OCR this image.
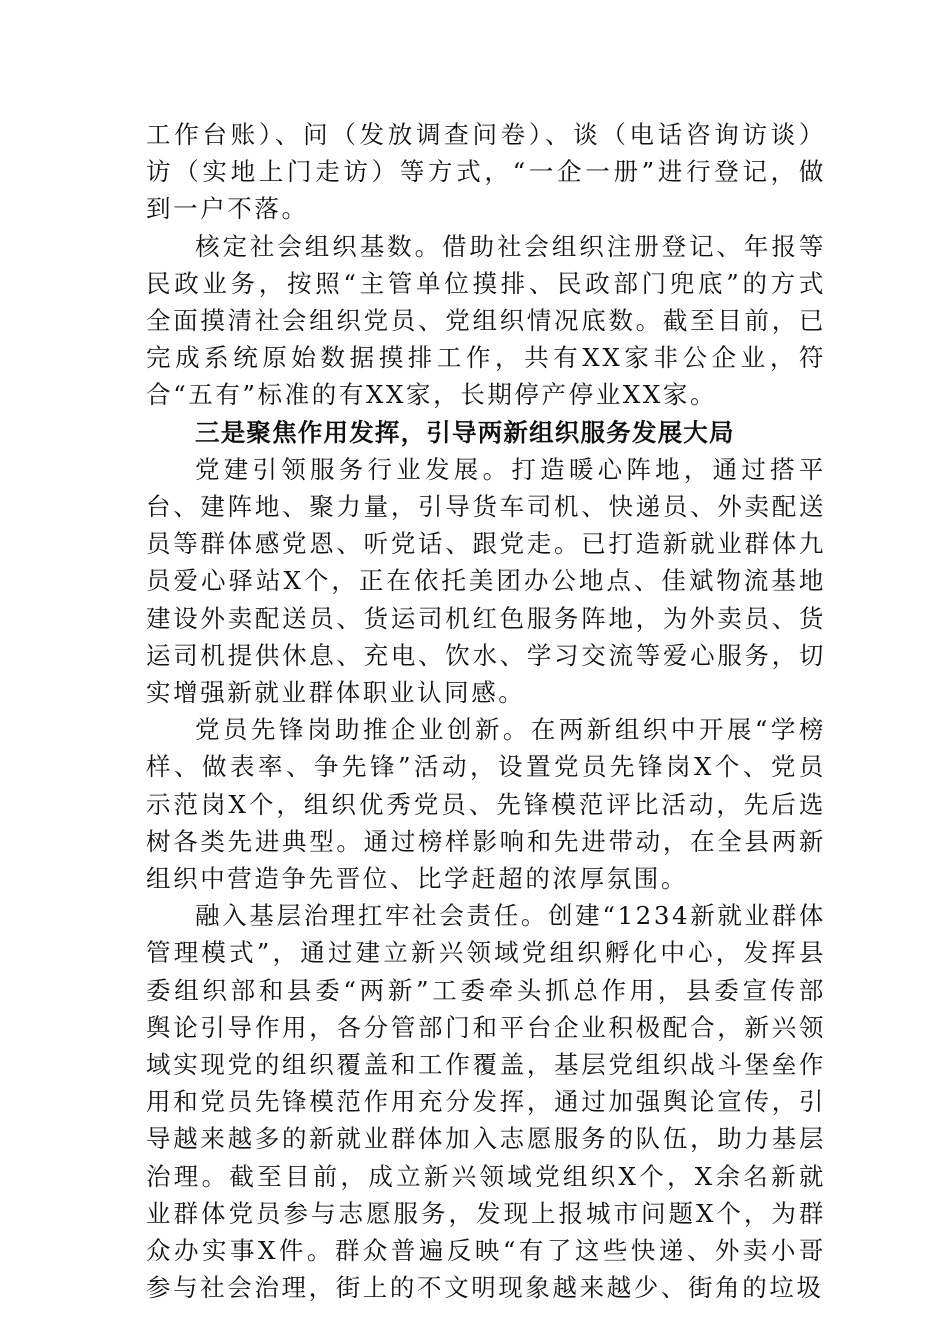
工作台账）、问（发放调查问卷）、谈（电话咨询访谈）访（实地上门走访）等方式，“一企一册”进行登记，做到一户不落。

核定社会组织基数。借助社会组织注册登记、年报等民政业务，按照“主管单位摸排、民政部门兜底”的方式全面摸清社会组织党员、党组织情况底数。截至目前，已完成系统原始数据摸排工作，共有XX家非公企业，符合“五有”标准的有XX家，长期停产停业XX家。

三是聚焦作用发挥，引导两新组织服务发展大局

党建引领服务行业发展。打造暖心阵地，通过搭平台、建阵地、聚力量，引导货车司机、快递员、外卖配送员等群体感党恩、听党话、跟党走。已打造新就业群体九员爱心驿站X个，正在依托美团办公地点、佳斌物流基地建设外卖配送员、货运司机红色服务阵地，为外卖员、货运司机提供休息、充电、饮水、学习交流等爱心服务，切实增强新就业群体职业认同感。

党员先锋岗助推企业创新。在两新组织中开展“学榜样、做表率、争先锋”活动，设置党员先锋岗X个、党员示范岗X个，组织优秀党员、先锋模范评比活动，先后选树各类先进典型。通过榜样影响和先进带动，在全县两新组织中营造争先晋位、比学赶超的浓厚氛围。

融入基层治理扛牢社会责任。创建“1234新就业群体管理模式”，通过建立新兴领域党组织孵化中心，发挥县委组织部和县委“两新”工委牵头抓总作用，县委宣传部舆论引导作用，各分管部门和平台企业积极配合，新兴领域实现党的组织覆盖和工作覆盖，基层党组织战斗堡垒作用和党员先锋模范作用充分发挥，通过加强舆论宣传，引导越来越多的新就业群体加入志愿服务的队伍，助力基层治理。截至目前，成立新兴领域党组织X个，X余名新就业群体党员参与志愿服务，发现上报城市问题X个，为群众办实事X件。群众普遍反映“有了这些快递、外卖小哥参与社会治理，街上的不文明现象越来越少、街角的垃圾
